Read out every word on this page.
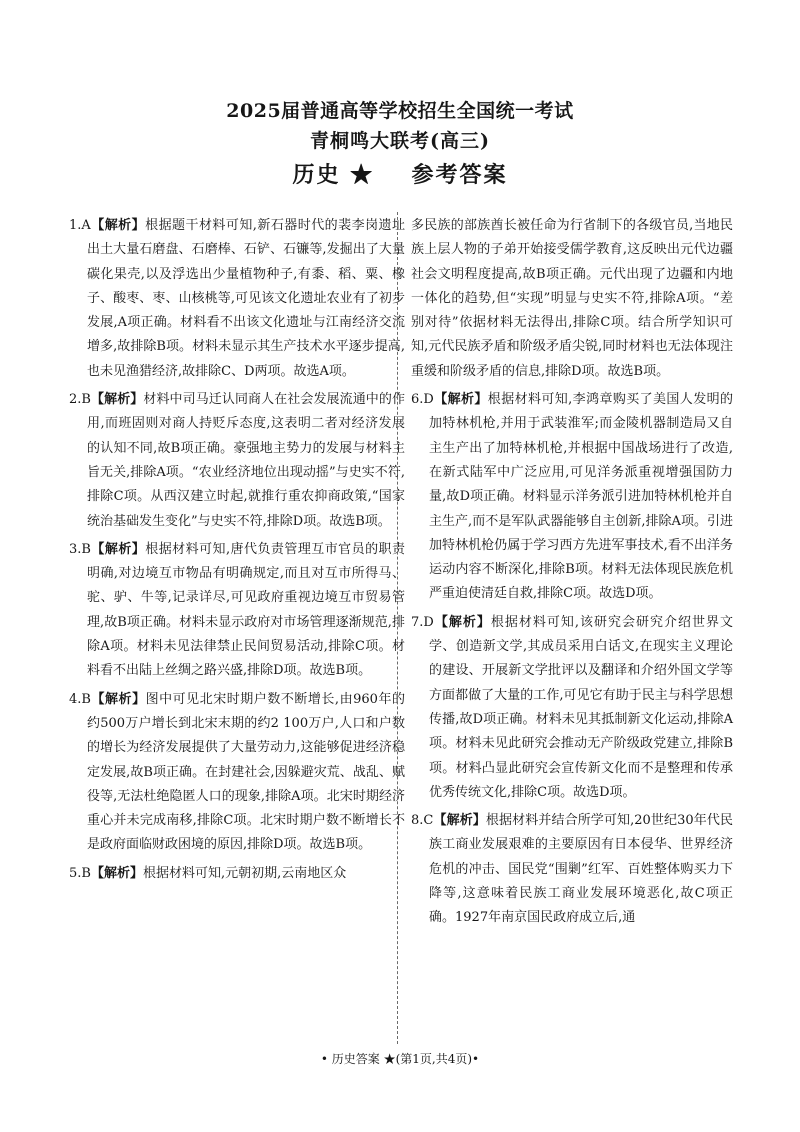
2025届普通高等学校招生全国统一考试
青桐鸣大联考(高三)
历史 ★ 参考答案

1.A【解析】根据题干材料可知,新石器时代的裴李岗遗址出土大量石磨盘、石磨棒、石铲、石镰等,发掘出了大量碳化果壳,以及浮选出少量植物种子,有黍、稻、粟、橡子、酸枣、枣、山核桃等,可见该文化遗址农业有了初步发展,A项正确。材料看不出该文化遗址与江南经济交流增多,故排除B项。材料未显示其生产技术水平逐步提高,也未见渔猎经济,故排除C、D两项。故选A项。

2.B【解析】材料中司马迁认同商人在社会发展流通中的作用,而班固则对商人持贬斥态度,这表明二者对经济发展的认知不同,故B项正确。豪强地主势力的发展与材料主旨无关,排除A项。“农业经济地位出现动摇”与史实不符,排除C项。从西汉建立时起,就推行重农抑商政策,“国家统治基础发生变化”与史实不符,排除D项。故选B项。

3.B【解析】根据材料可知,唐代负责管理互市官员的职责明确,对边境互市物品有明确规定,而且对互市所得马、驼、驴、牛等,记录详尽,可见政府重视边境互市贸易管理,故B项正确。材料未显示政府对市场管理逐渐规范,排除A项。材料未见法律禁止民间贸易活动,排除C项。材料看不出陆上丝绸之路兴盛,排除D项。故选B项。

4.B【解析】图中可见北宋时期户数不断增长,由960年的约500万户增长到北宋末期的约2 100万户,人口和户数的增长为经济发展提供了大量劳动力,这能够促进经济稳定发展,故B项正确。在封建社会,因躲避灾荒、战乱、赋役等,无法杜绝隐匿人口的现象,排除A项。北宋时期经济重心并未完成南移,排除C项。北宋时期户数不断增长不是政府面临财政困境的原因,排除D项。故选B项。

5.B【解析】根据材料可知,元朝初期,云南地区众

多民族的部族酋长被任命为行省制下的各级官员,当地民族上层人物的子弟开始接受儒学教育,这反映出元代边疆社会文明程度提高,故B项正确。元代出现了边疆和内地一体化的趋势,但“实现”明显与史实不符,排除A项。“差别对待”依据材料无法得出,排除C项。结合所学知识可知,元代民族矛盾和阶级矛盾尖锐,同时材料也无法体现注重缓和阶级矛盾的信息,排除D项。故选B项。

6.D【解析】根据材料可知,李鸿章购买了美国人发明的加特林机枪,并用于武装淮军;而金陵机器制造局又自主生产出了加特林机枪,并根据中国战场进行了改造,在新式陆军中广泛应用,可见洋务派重视增强国防力量,故D项正确。材料显示洋务派引进加特林机枪并自主生产,而不是军队武器能够自主创新,排除A项。引进加特林机枪仍属于学习西方先进军事技术,看不出洋务运动内容不断深化,排除B项。材料无法体现民族危机严重迫使清廷自救,排除C项。故选D项。

7.D【解析】根据材料可知,该研究会研究介绍世界文学、创造新文学,其成员采用白话文,在现实主义理论的建设、开展新文学批评以及翻译和介绍外国文学等方面都做了大量的工作,可见它有助于民主与科学思想传播,故D项正确。材料未见其抵制新文化运动,排除A项。材料未见此研究会推动无产阶级政党建立,排除B项。材料凸显此研究会宣传新文化而不是整理和传承优秀传统文化,排除C项。故选D项。

8.C【解析】根据材料并结合所学可知,20世纪30年代民族工商业发展艰难的主要原因有日本侵华、世界经济危机的冲击、国民党“围剿”红军、百姓整体购买力下降等,这意味着民族工商业发展环境恶化,故C项正确。1927年南京国民政府成立后,通

• 历史答案 ★(第1页,共4页)•
